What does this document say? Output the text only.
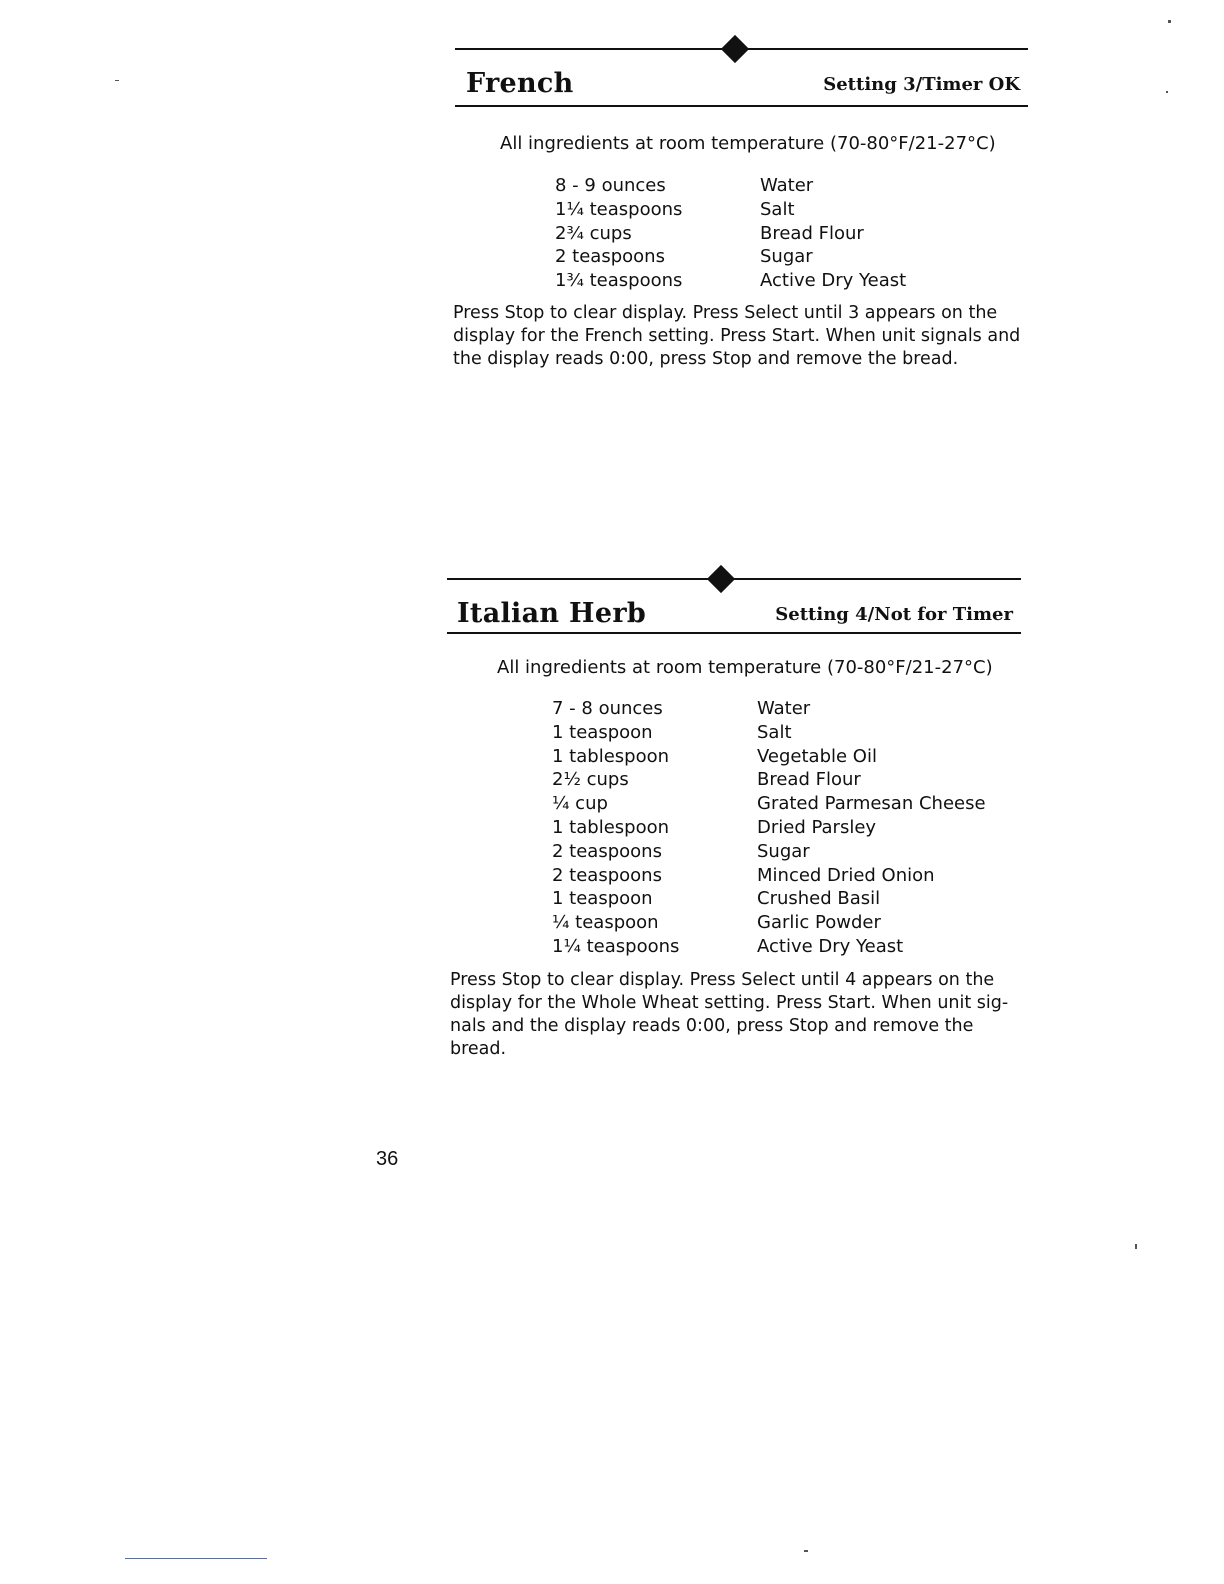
French	Setting 3/Timer OK
All ingredients at room temperature (70-80°F/21-27°C)
8 - 9 ounces	Water
1¼ teaspoons	Salt
2¾ cups	Bread Flour
2 teaspoons	Sugar
1¾ teaspoons	Active Dry Yeast
Press Stop to clear display. Press Select until 3 appears on the
display for the French setting. Press Start. When unit signals and
the display reads 0:00, press Stop and remove the bread.
Italian Herb	Setting 4/Not for Timer
All ingredients at room temperature (70-80°F/21-27°C)
7 - 8 ounces	Water
1 teaspoon	Salt
1 tablespoon	Vegetable Oil
2½ cups	Bread Flour
¼ cup	Grated Parmesan Cheese
1 tablespoon	Dried Parsley
2 teaspoons	Sugar
2 teaspoons	Minced Dried Onion
1 teaspoon	Crushed Basil
¼ teaspoon	Garlic Powder
1¼ teaspoons	Active Dry Yeast
Press Stop to clear display. Press Select until 4 appears on the
display for the Whole Wheat setting. Press Start. When unit sig-
nals and the display reads 0:00, press Stop and remove the
bread.
36
